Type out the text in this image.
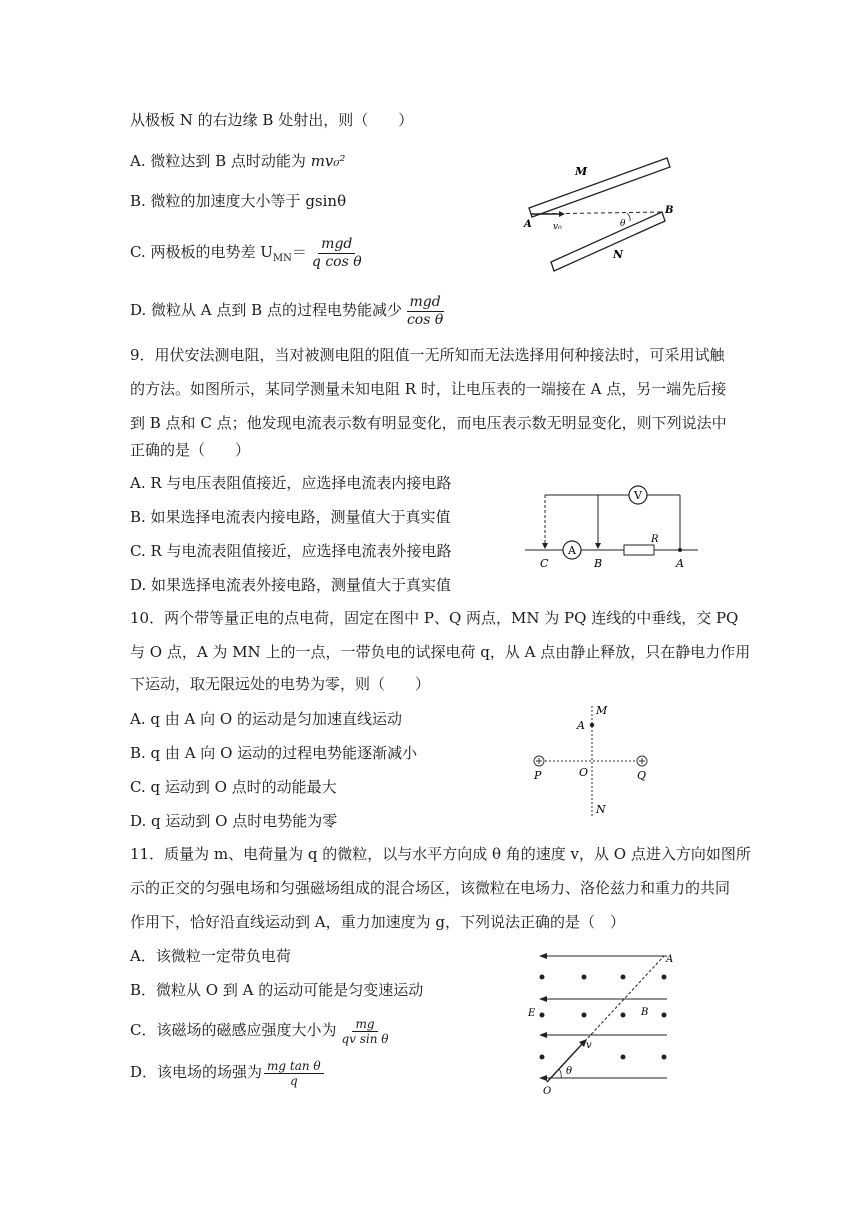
从极板 N 的右边缘 B 处射出，则（　　）
A. 微粒达到 B 点时动能为 mv₀²
B. 微粒的加速度大小等于 gsinθ
C. 两极板的电势差 $U_{MN}= \frac{\text{mgd}}{\text{q cos θ}}$
D. 微粒从 A 点到 B 点的过程电势能减少 $\frac{\text{mgd}}{\text{cos θ}}$
M
N
A
B
v₀	θ
9．用伏安法测电阻，当对被测电阻的阻值一无所知而无法选择用何种接法时，可采用试触
的方法。如图所示，某同学测量未知电阻 R 时，让电压表的一端接在 A 点，另一端先后接
到 B 点和 C 点；他发现电流表示数有明显变化，而电压表示数无明显变化，则下列说法中
正确的是（　　）
A. R 与电压表阻值接近，应选择电流表内接电路
B. 如果选择电流表内接电路，测量值大于真实值
C. R 与电流表阻值接近，应选择电流表外接电路
D. 如果选择电流表外接电路，测量值大于真实值
A
R
V
C	B	A
10．两个带等量正电的点电荷，固定在图中 P、Q 两点，MN 为 PQ 连线的中垂线，交 PQ
与 O 点，A 为 MN 上的一点，一带负电的试探电荷 q，从 A 点由静止释放，只在静电力作用
下运动，取无限远处的电势为零，则（　　）
A. q 由 A 向 O 的运动是匀加速直线运动
B. q 由 A 向 O 运动的过程电势能逐渐减小
C. q 运动到 O 点时的动能最大
D. q 运动到 O 点时电势能为零
M
A
P	O	Q
N
11．质量为 m、电荷量为 q 的微粒，以与水平方向成 θ 角的速度 v，从 O 点进入方向如图所
示的正交的匀强电场和匀强磁场组成的混合场区，该微粒在电场力、洛伦兹力和重力的共同
作用下，恰好沿直线运动到 A，重力加速度为 g，下列说法正确的是（　）
A．该微粒一定带负电荷
B．微粒从 O 到 A 的运动可能是匀变速运动
C．该磁场的磁感应强度大小为 $\frac{mg}{\text{qv sin θ}}$
D．该电场的场强为 $\frac{\text{mg tan θ}}{q}$
A
B
E
v
θ
O
